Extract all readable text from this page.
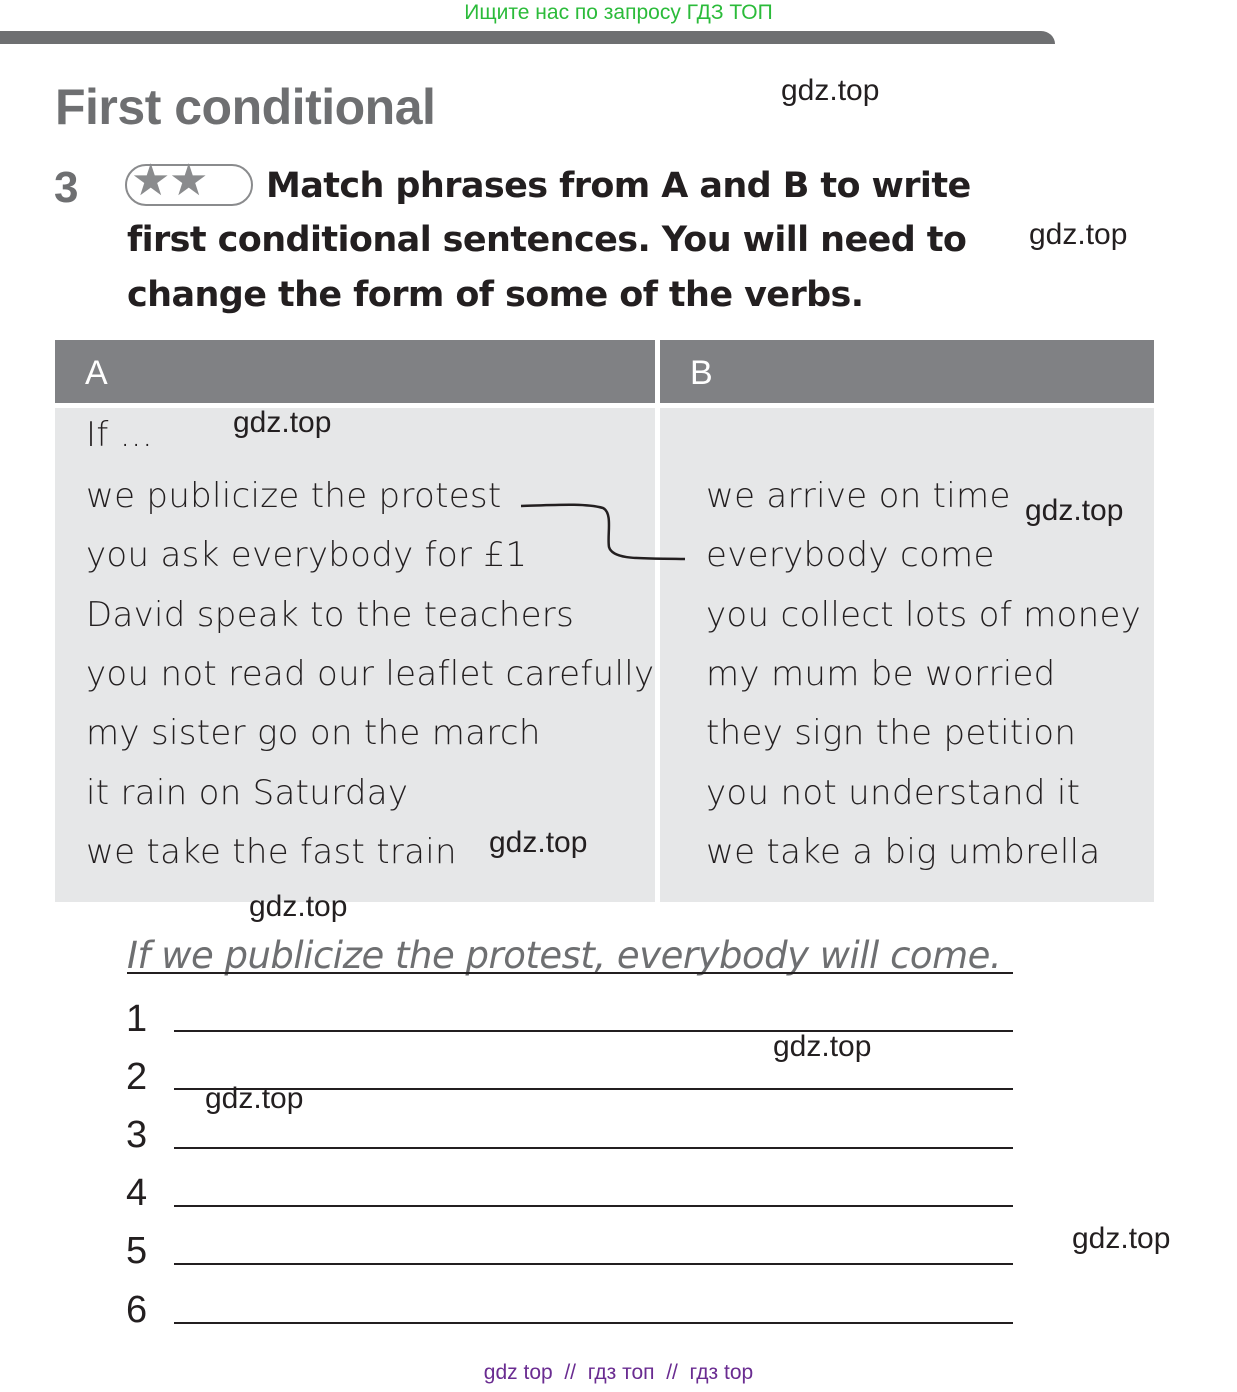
Ищите нас по запросу ГДЗ ТОП
First conditional
3 ★
★ Match phrases from A and B to write
first conditional sentences. You will need to
change the form of some of the verbs.
A	B
If ...
we publicize the protest
you ask everybody for £1
David speak to the teachers
you not read our leaflet carefully
my sister go on the march
it rain on Saturday
we take the fast train
we arrive on time
everybody come
you collect lots of money
my mum be worried
they sign the petition
you not understand it
we take a big umbrella
If we publicize the protest, everybody will come.
1
2
3
4
5
6
gdz.top
gdz.top
gdz.top
gdz.top
gdz.top
gdz.top
gdz.top
gdz.top
gdz.top
gdz top  //  гдз топ  //  гдз top
